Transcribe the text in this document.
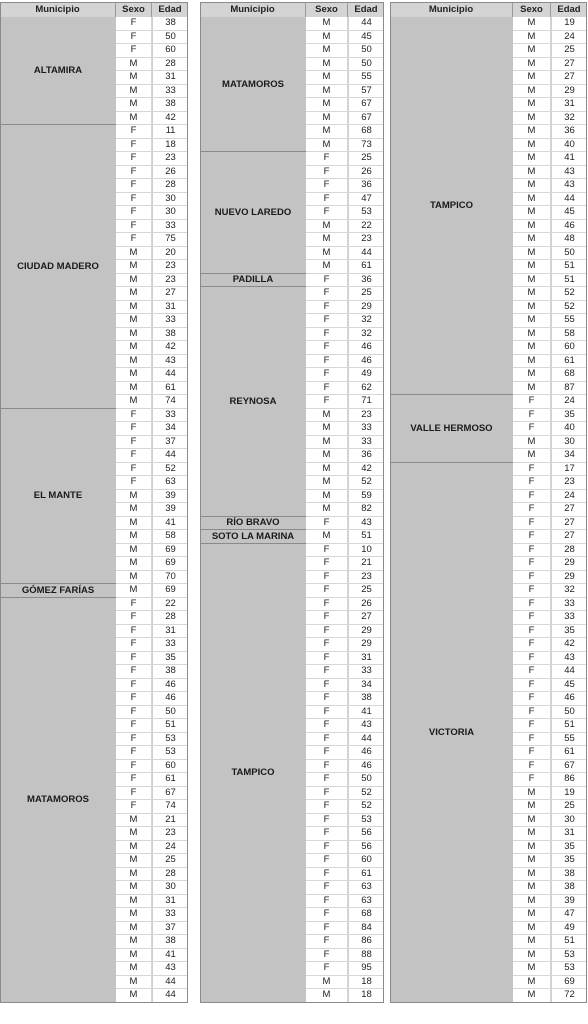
Municipio	Sexo	Edad
ALTAMIRA
F	38
F	50
F	60
M	28
M	31
M	33
M	38
M	42
CIUDAD MADERO
F	11
F	18
F	23
F	26
F	28
F	30
F	30
F	33
F	75
M	20
M	23
M	23
M	27
M	31
M	33
M	38
M	42
M	43
M	44
M	61
M	74
EL MANTE
F	33
F	34
F	37
F	44
F	52
F	63
M	39
M	39
M	41
M	58
M	69
M	69
M	70
GÓMEZ FARÍAS	M	69
MATAMOROS
F	22
F	28
F	31
F	33
F	35
F	38
F	46
F	46
F	50
F	51
F	53
F	53
F	60
F	61
F	67
F	74
M	21
M	23
M	24
M	25
M	28
M	30
M	31
M	33
M	37
M	38
M	41
M	43
M	44
M	44
Municipio	Sexo	Edad
MATAMOROS
M	44
M	45
M	50
M	50
M	55
M	57
M	67
M	67
M	68
M	73
NUEVO LAREDO
F	25
F	26
F	36
F	47
F	53
M	22
M	23
M	44
M	61
PADILLA	F	36
REYNOSA
F	25
F	29
F	32
F	32
F	46
F	46
F	49
F	62
F	71
M	23
M	33
M	33
M	36
M	42
M	52
M	59
M	82
RÍO BRAVO	F	43
SOTO LA MARINA	M	51
TAMPICO
F	10
F	21
F	23
F	25
F	26
F	27
F	29
F	29
F	31
F	33
F	34
F	38
F	41
F	43
F	44
F	46
F	46
F	50
F	52
F	52
F	53
F	56
F	56
F	60
F	61
F	63
F	63
F	68
F	84
F	86
F	88
F	95
M	18
M	18
Municipio	Sexo	Edad
TAMPICO
M	19
M	24
M	25
M	27
M	27
M	29
M	31
M	32
M	36
M	40
M	41
M	43
M	43
M	44
M	45
M	46
M	48
M	50
M	51
M	51
M	52
M	52
M	55
M	58
M	60
M	61
M	68
M	87
VALLE HERMOSO
F	24
F	35
F	40
M	30
M	34
VICTORIA
F	17
F	23
F	24
F	27
F	27
F	27
F	28
F	29
F	29
F	32
F	33
F	33
F	35
F	42
F	43
F	44
F	45
F	46
F	50
F	51
F	55
F	61
F	67
F	86
M	19
M	25
M	30
M	31
M	35
M	35
M	38
M	38
M	39
M	47
M	49
M	51
M	53
M	53
M	69
M	72
